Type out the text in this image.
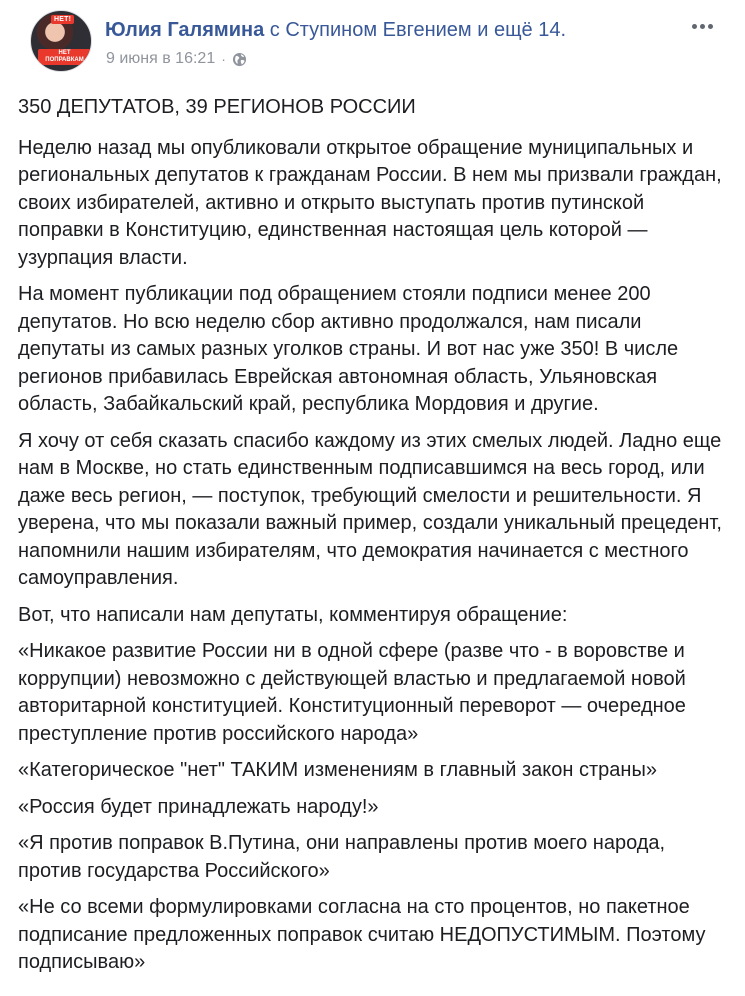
НЕТ!
НЕТ ПОПРАВКАМ
Юлия Галямина с Ступином Евгением и ещё 14.
9 июня в 16:21 ·

350 ДЕПУТАТОВ, 39 РЕГИОНОВ РОССИИ

Неделю назад мы опубликовали открытое обращение муниципальных и региональных депутатов к гражданам России. В нем мы призвали граждан, своих избирателей, активно и открыто выступать против путинской поправки в Конституцию, единственная настоящая цель которой — узурпация власти.

На момент публикации под обращением стояли подписи менее 200 депутатов. Но всю неделю сбор активно продолжался, нам писали депутаты из самых разных уголков страны. И вот нас уже 350! В числе регионов прибавилась Еврейская автономная область, Ульяновская область, Забайкальский край, республика Мордовия и другие.

Я хочу от себя сказать спасибо каждому из этих смелых людей. Ладно еще нам в Москве, но стать единственным подписавшимся на весь город, или даже весь регион, — поступок, требующий смелости и решительности. Я уверена, что мы показали важный пример, создали уникальный прецедент, напомнили нашим избирателям, что демократия начинается с местного самоуправления.

Вот, что написали нам депутаты, комментируя обращение:

«Никакое развитие России ни в одной сфере (разве что - в воровстве и коррупции) невозможно с действующей властью и предлагаемой новой авторитарной конституцией. Конституционный переворот — очередное преступление против российского народа»

«Категорическое "нет" ТАКИМ изменениям в главный закон страны»

«Россия будет принадлежать народу!»

«Я против поправок В.Путина, они направлены против моего народа, против государства Российского»

«Не со всеми формулировками согласна на сто процентов, но пакетное подписание предложенных поправок считаю НЕДОПУСТИМЫМ. Поэтому подписываю»
